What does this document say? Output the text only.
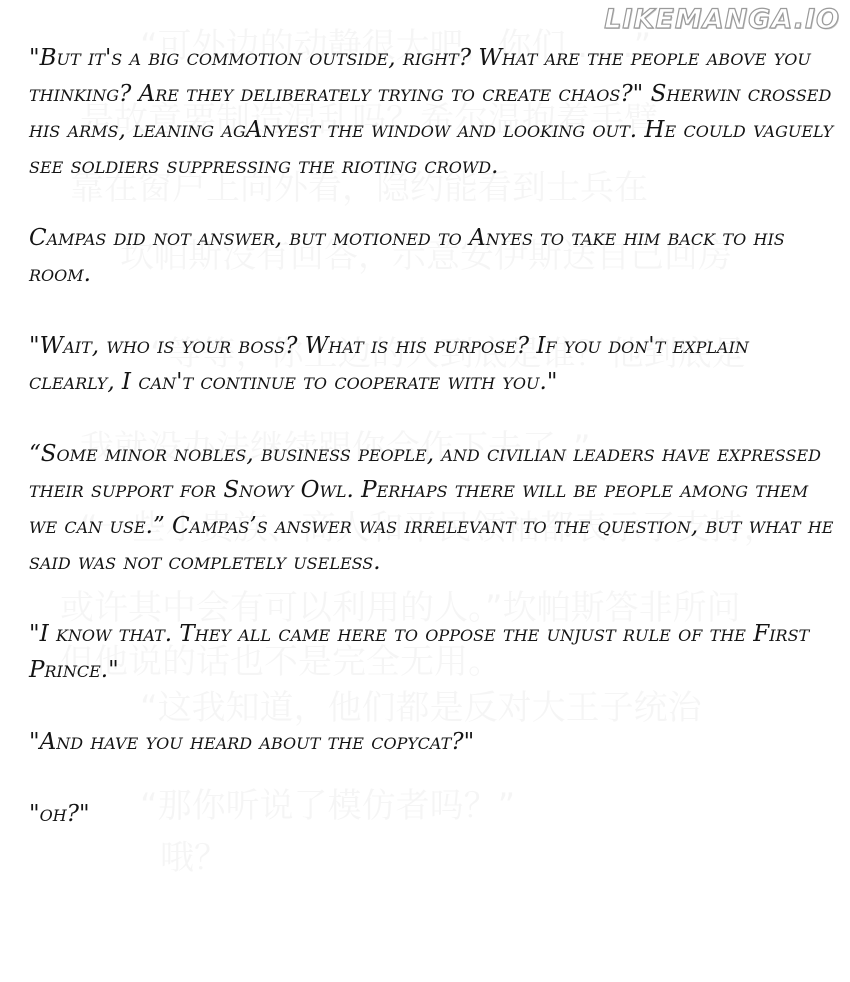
LIKEMANGA.IO

"But it's a big commotion outside, right? What are the people above you thinking? Are they deliberately trying to create chaos?" Sherwin crossed his arms, leaning agAnyest the window and looking out. He could vaguely see soldiers suppressing the rioting crowd.

Campas did not answer, but motioned to Anyes to take him back to his room.

"Wait, who is your boss? What is his purpose? If you don't explain clearly, I can't continue to cooperate with you."

“Some minor nobles, business people, and civilian leaders have expressed their support for Snowy Owl. Perhaps there will be people among them we can use.” Campas’s answer was irrelevant to the question, but what he said was not completely useless.

"I know that. They all came here to oppose the unjust rule of the First Prince."

"And have you heard about the copycat?"

"oh?"
